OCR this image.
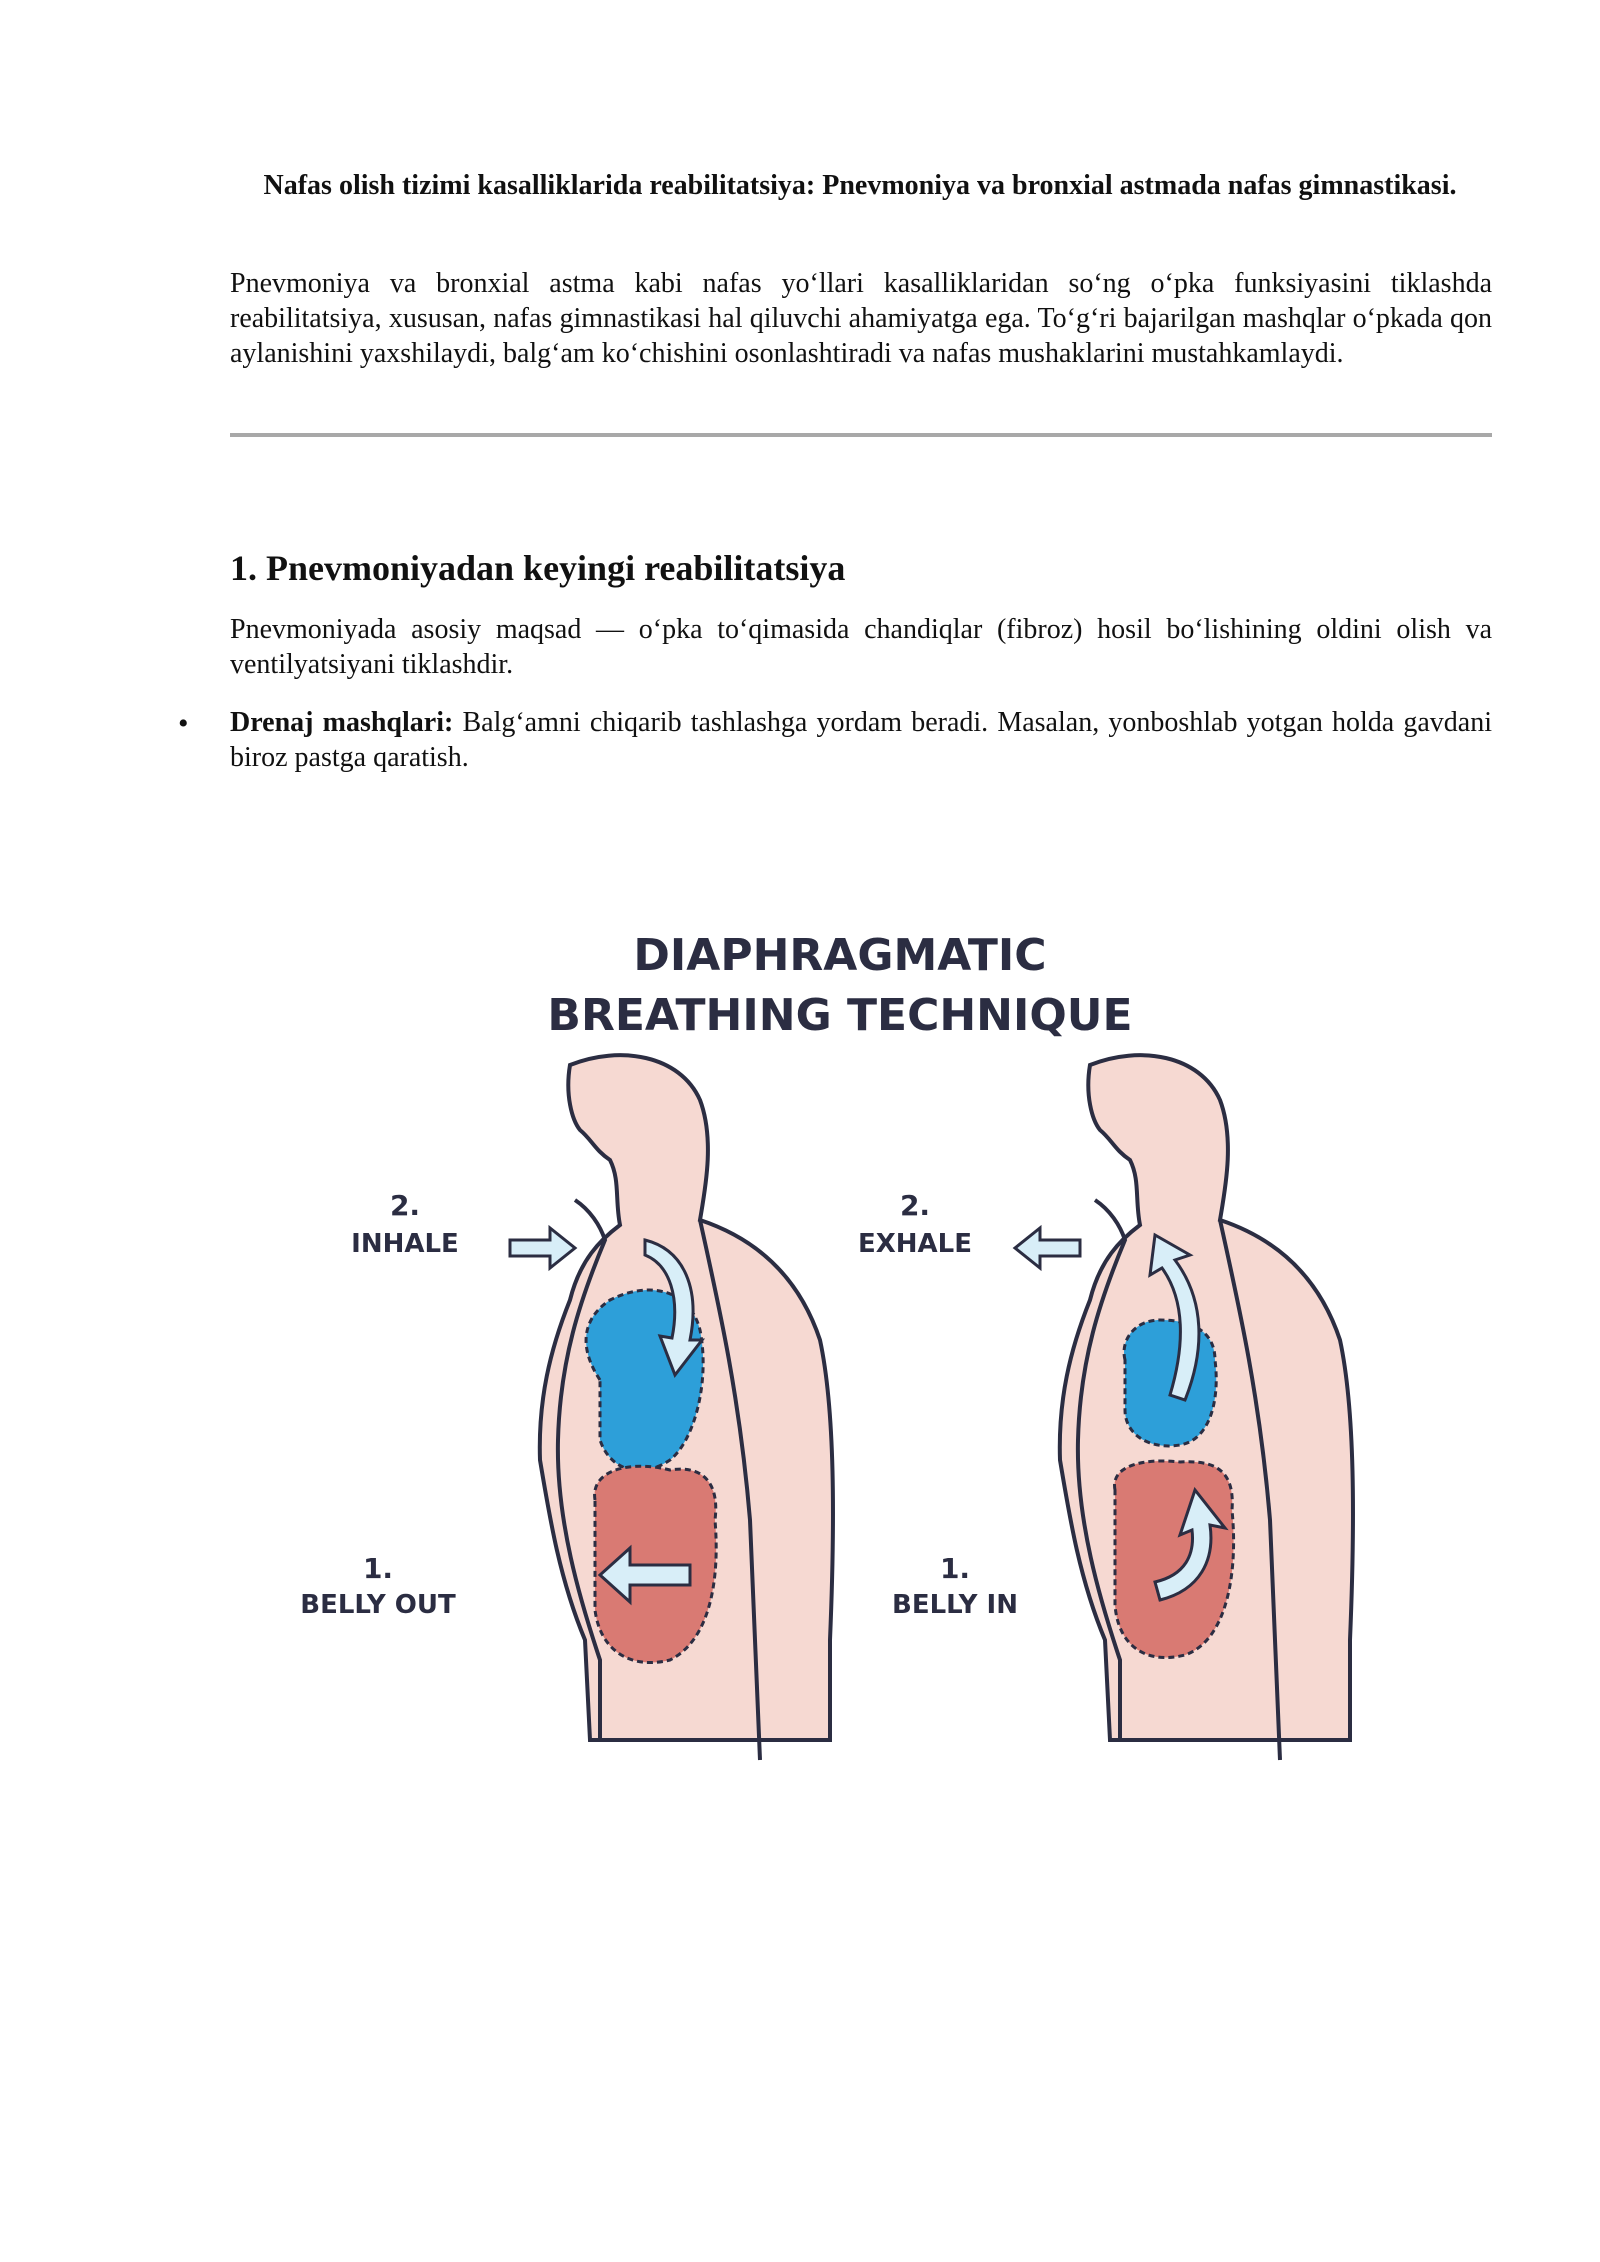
Nafas olish tizimi kasalliklarida reabilitatsiya: Pnevmoniya va bronxial astmada nafas gimnastikasi.
Pnevmoniya va bronxial astma kabi nafas yo‘llari kasalliklaridan so‘ng o‘pka funksiyasini tiklashda reabilitatsiya, xususan, nafas gimnastikasi hal qiluvchi ahamiyatga ega. To‘g‘ri bajarilgan mashqlar o‘pkada qon aylanishini yaxshilaydi, balg‘am ko‘chishini osonlashtiradi va nafas mushaklarini mustahkamlaydi.
1. Pnevmoniyadan keyingi reabilitatsiya
Pnevmoniyada asosiy maqsad — o‘pka to‘qimasida chandiqlar (fibroz) hosil bo‘lishining oldini olish va ventilyatsiyani tiklashdir.
• Drenaj mashqlari: Balg‘amni chiqarib tashlashga yordam beradi. Masalan, yonboshlab yotgan holda gavdani biroz pastga qaratish.
DIAPHRAGMATIC
BREATHING TECHNIQUE
2.
INHALE
1.
BELLY OUT
2.
EXHALE
1.
BELLY IN
